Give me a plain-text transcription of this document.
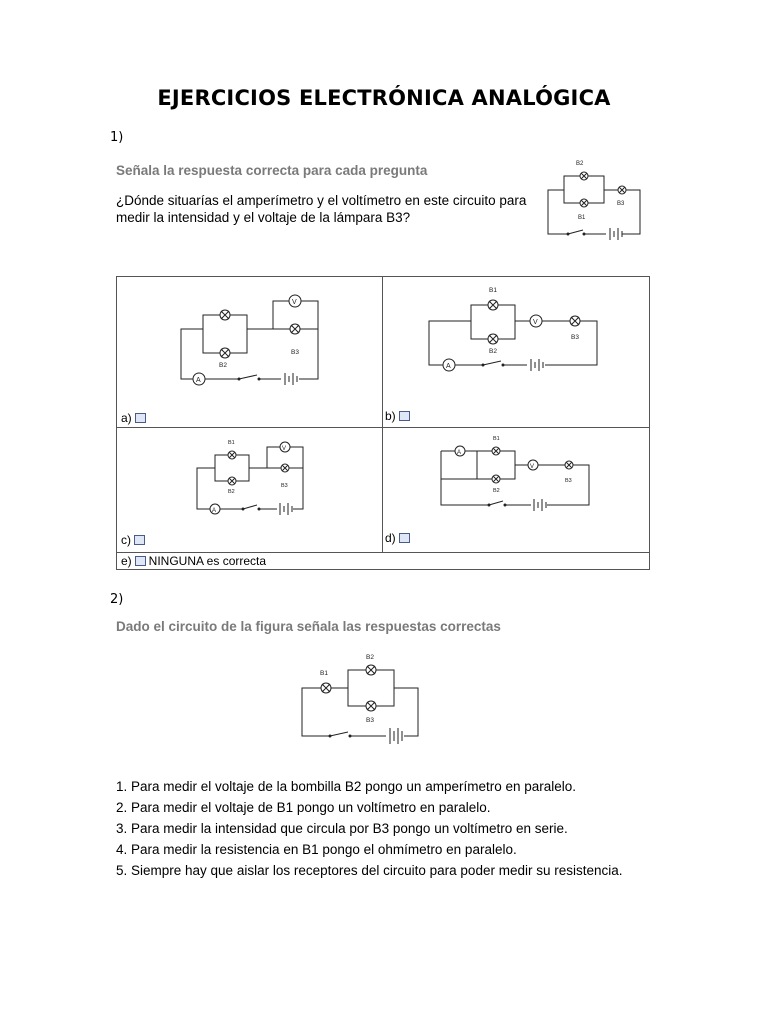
EJERCICIOS ELECTRÓNICA ANALÓGICA
1)
Señala la respuesta correcta para cada pregunta
¿Dónde situarías el amperímetro y el voltímetro en este circuito para
medir la intensidad y el voltaje de la lámpara B3?
B2
B1
B3
B2
V
B3
A
a)
B1
B2
V
B3
A
b)
B1
B2
V
B3
A
c)
A
B1
B2
V
B3
d)
e) NINGUNA es correcta
2)
Dado el circuito de la figura señala las respuestas correctas
B2
B1
B3
1. Para medir el voltaje de la bombilla B2 pongo un amperímetro en paralelo.
2. Para medir el voltaje de B1 pongo un voltímetro en paralelo.
3. Para medir la intensidad que circula por B3 pongo un voltímetro en serie.
4. Para medir la resistencia en B1 pongo el ohmímetro en paralelo.
5. Siempre hay que aislar los receptores del circuito para poder medir su resistencia.
